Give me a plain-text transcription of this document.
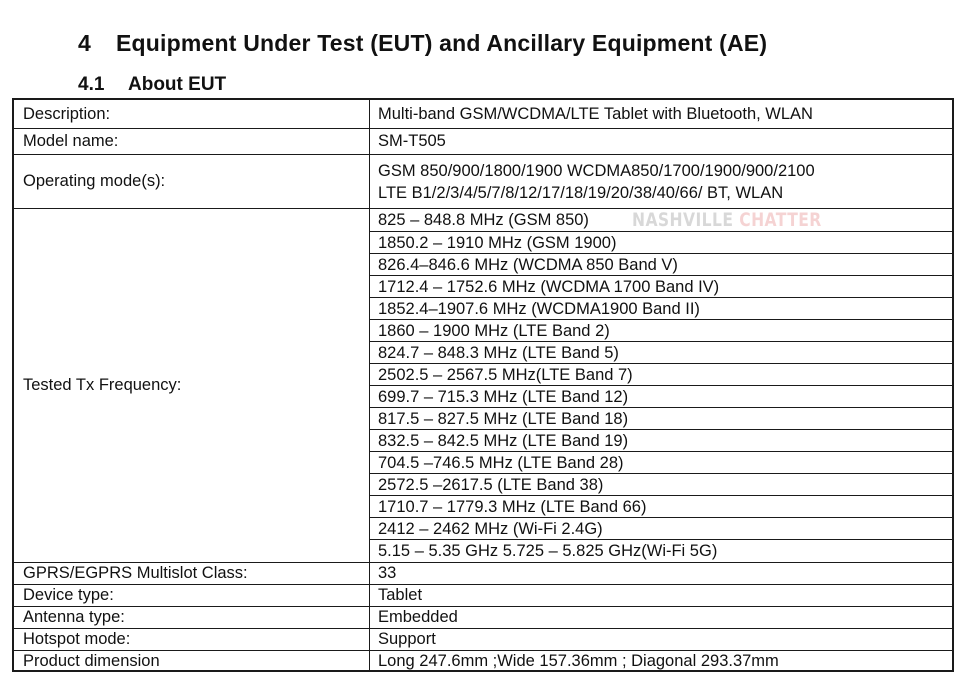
4 Equipment Under Test (EUT) and Ancillary Equipment (AE)
4.1 About EUT
Description:	Multi-band GSM/WCDMA/LTE Tablet with Bluetooth, WLAN
Model name:	SM-T505
Operating mode(s):
GSM 850/900/1800/1900 WCDMA850/1700/1900/900/2100
LTE B1/2/3/4/5/7/8/12/17/18/19/20/38/40/66/ BT, WLAN
Tested Tx Frequency:
825 – 848.8 MHz (GSM 850)
1850.2 – 1910 MHz (GSM 1900)
826.4–846.6 MHz (WCDMA 850 Band V)
1712.4 – 1752.6 MHz (WCDMA 1700 Band IV)
1852.4–1907.6 MHz (WCDMA1900 Band II)
1860 – 1900 MHz (LTE Band 2)
824.7 – 848.3 MHz (LTE Band 5)
2502.5 – 2567.5 MHz(LTE Band 7)
699.7 – 715.3 MHz (LTE Band 12)
817.5 – 827.5 MHz (LTE Band 18)
832.5 – 842.5 MHz (LTE Band 19)
704.5 –746.5 MHz (LTE Band 28)
2572.5 –2617.5 (LTE Band 38)
1710.7 – 1779.3 MHz (LTE Band 66)
2412 – 2462 MHz (Wi-Fi 2.4G)
5.15 – 5.35 GHz 5.725 – 5.825 GHz(Wi-Fi 5G)
GPRS/EGPRS Multislot Class:	33
Device type:	Tablet
Antenna type:	Embedded
Hotspot mode:	Support
Product dimension	Long 247.6mm ;Wide 157.36mm ; Diagonal 293.37mm
NASHVILLE CHATTER
